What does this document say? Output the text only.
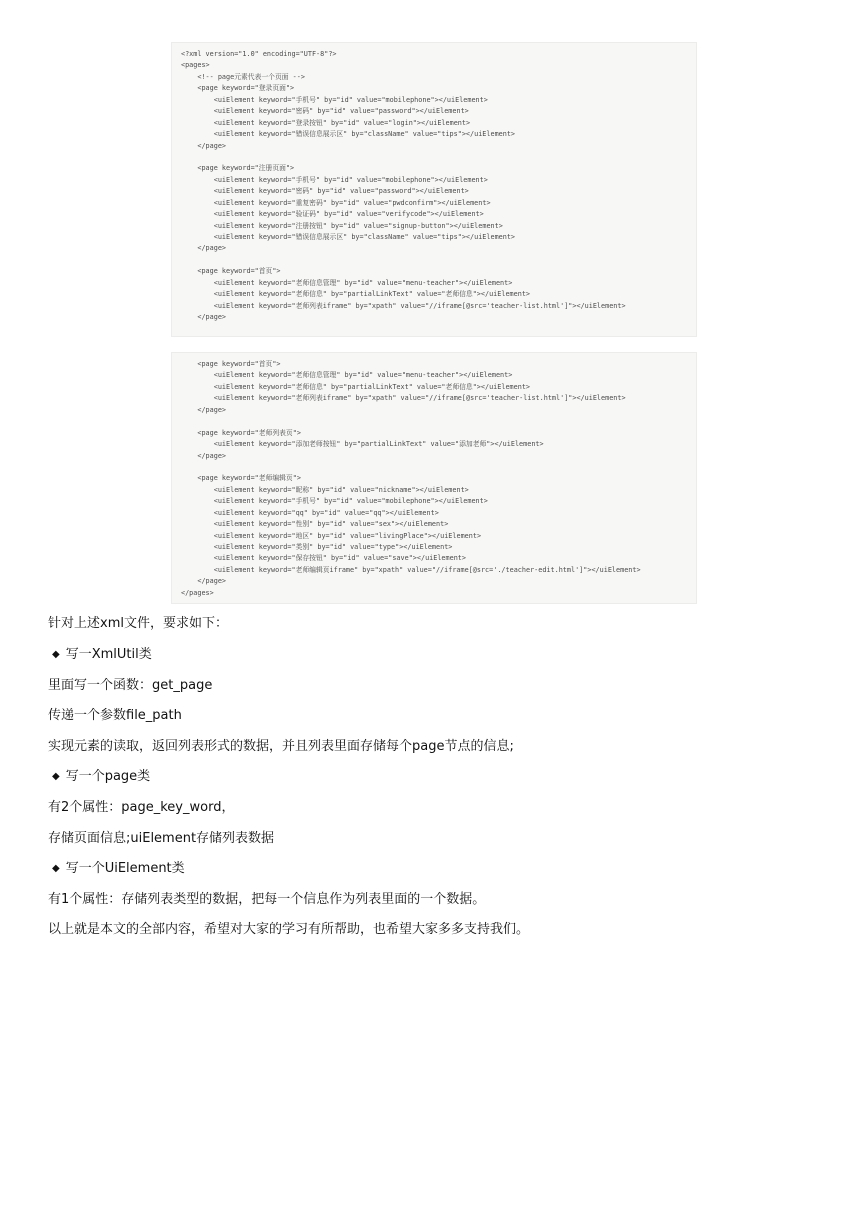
<?xml version="1.0" encoding="UTF-8"?>
<pages>
<!-- page元素代表一个页面 -->
<page keyword="登录页面">
<uiElement keyword="手机号" by="id" value="mobilephone"></uiElement>
<uiElement keyword="密码" by="id" value="password"></uiElement>
<uiElement keyword="登录按钮" by="id" value="login"></uiElement>
<uiElement keyword="错误信息展示区" by="className" value="tips"></uiElement>
</page>
<page keyword="注册页面">
<uiElement keyword="手机号" by="id" value="mobilephone"></uiElement>
<uiElement keyword="密码" by="id" value="password"></uiElement>
<uiElement keyword="重复密码" by="id" value="pwdconfirm"></uiElement>
<uiElement keyword="验证码" by="id" value="verifycode"></uiElement>
<uiElement keyword="注册按钮" by="id" value="signup-button"></uiElement>
<uiElement keyword="错误信息展示区" by="className" value="tips"></uiElement>
</page>
<page keyword="首页">
<uiElement keyword="老师信息管理" by="id" value="menu-teacher"></uiElement>
<uiElement keyword="老师信息" by="partialLinkText" value="老师信息"></uiElement>
<uiElement keyword="老师列表iframe" by="xpath" value="//iframe[@src='teacher-list.html']"></uiElement>
</page>
<page keyword="首页">
<uiElement keyword="老师信息管理" by="id" value="menu-teacher"></uiElement>
<uiElement keyword="老师信息" by="partialLinkText" value="老师信息"></uiElement>
<uiElement keyword="老师列表iframe" by="xpath" value="//iframe[@src='teacher-list.html']"></uiElement>
</page>
<page keyword="老师列表页">
<uiElement keyword="添加老师按钮" by="partialLinkText" value="添加老师"></uiElement>
</page>
<page keyword="老师编辑页">
<uiElement keyword="昵称" by="id" value="nickname"></uiElement>
<uiElement keyword="手机号" by="id" value="mobilephone"></uiElement>
<uiElement keyword="qq" by="id" value="qq"></uiElement>
<uiElement keyword="性别" by="id" value="sex"></uiElement>
<uiElement keyword="地区" by="id" value="livingPlace"></uiElement>
<uiElement keyword="类别" by="id" value="type"></uiElement>
<uiElement keyword="保存按钮" by="id" value="save"></uiElement>
<uiElement keyword="老师编辑页iframe" by="xpath" value="//iframe[@src='./teacher-edit.html']"></uiElement>
</page>
</pages>
针对上述xml文件，要求如下：
◆ 写一XmlUtil类
里面写一个函数：get_page
传递一个参数file_path
实现元素的读取，返回列表形式的数据，并且列表里面存储每个page节点的信息;
◆ 写一个page类
有2个属性：page_key_word，
存储页面信息;uiElement存储列表数据
◆ 写一个UiElement类
有1个属性：存储列表类型的数据，把每一个信息作为列表里面的一个数据。
以上就是本文的全部内容，希望对大家的学习有所帮助，也希望大家多多支持我们。
